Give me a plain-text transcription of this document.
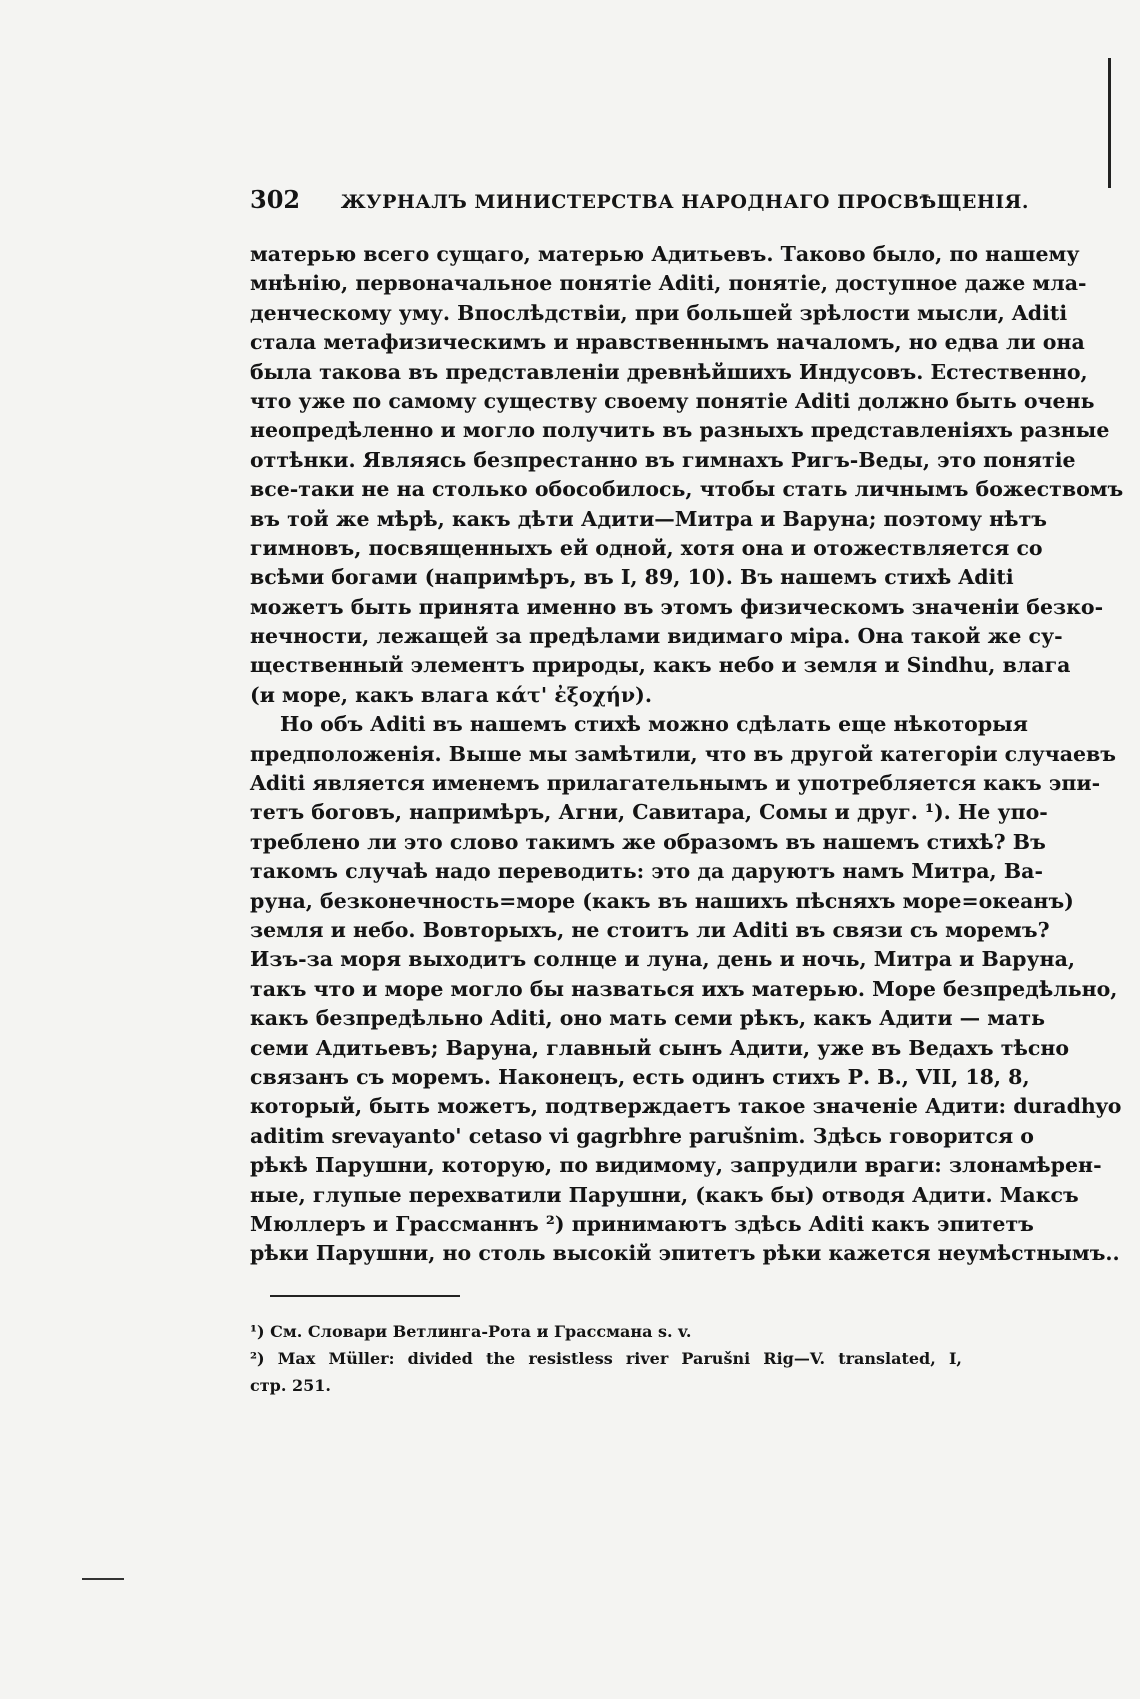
302 ЖУРНАЛЪ МИНИСТЕРСТВА НАРОДНАГО ПРОСВѢЩЕНІЯ.
матерью всего сущаго, матерью Адитьевъ. Таково было, по нашему
мнѣнію, первоначальное понятіе Aditi, понятіе, доступное даже мла-
денческому уму. Впослѣдствіи, при большей зрѣлости мысли, Aditi
стала метафизическимъ и нравственнымъ началомъ, но едва ли она
была такова въ представленіи древнѣйшихъ Индусовъ. Естественно,
что уже по самому существу своему понятіе Aditi должно быть очень
неопредѣленно и могло получить въ разныхъ представленіяхъ разные
оттѣнки. Являясь безпрестанно въ гимнахъ Ригъ-Веды, это понятіе
все-таки не на столько обособилось, чтобы стать личнымъ божествомъ
въ той же мѣрѣ, какъ дѣти Адити—Митра и Варуна; поэтому нѣтъ
гимновъ, посвященныхъ ей одной, хотя она и отожествляется со
всѣми богами (напримѣръ, въ I, 89, 10). Въ нашемъ стихѣ Aditi
можетъ быть принята именно въ этомъ физическомъ значеніи безко-
нечности, лежащей за предѣлами видимаго міра. Она такой же су-
щественный элементъ природы, какъ небо и земля и Sindhu, влага
(и море, какъ влага κάτ' ἐξοχήν).
Но объ Aditi въ нашемъ стихѣ можно сдѣлать еще нѣкоторыя
предположенія. Выше мы замѣтили, что въ другой категоріи случаевъ
Aditi является именемъ прилагательнымъ и употребляется какъ эпи-
тетъ боговъ, напримѣръ, Агни, Савитара, Сомы и друг. ¹). Не упо-
треблено ли это слово такимъ же образомъ въ нашемъ стихѣ? Въ
такомъ случаѣ надо переводить: это да даруютъ намъ Митра, Ва-
руна, безконечность=море (какъ въ нашихъ пѣсняхъ море=океанъ)
земля и небо. Вовторыхъ, не стоитъ ли Aditi въ связи съ моремъ?
Изъ-за моря выходитъ солнце и луна, день и ночь, Митра и Варуна,
такъ что и море могло бы назваться ихъ матерью. Море безпредѣльно,
какъ безпредѣльно Aditi, оно мать семи рѣкъ, какъ Адити — мать
семи Адитьевъ; Варуна, главный сынъ Адити, уже въ Ведахъ тѣсно
связанъ съ моремъ. Наконецъ, есть одинъ стихъ Р. В., VII, 18, 8,
который, быть можетъ, подтверждаетъ такое значеніе Адити: duradhyo
aditim srevayanto' cetaso vi gagrbhre parušnim. Здѣсь говорится о
рѣкѣ Парушни, которую, по видимому, запрудили враги: злонамѣрен-
ные, глупые перехватили Парушни, (какъ бы) отводя Адити. Максъ
Мюллеръ и Грассманнъ ²) принимаютъ здѣсь Aditi какъ эпитетъ
рѣки Парушни, но столь высокій эпитетъ рѣки кажется неумѣстнымъ..
¹) См. Словари Ветлинга-Рота и Грассмана s. v.
²) Max Müller: divided the resistless river Parušni Rig—V. translated, I,
стр. 251.
